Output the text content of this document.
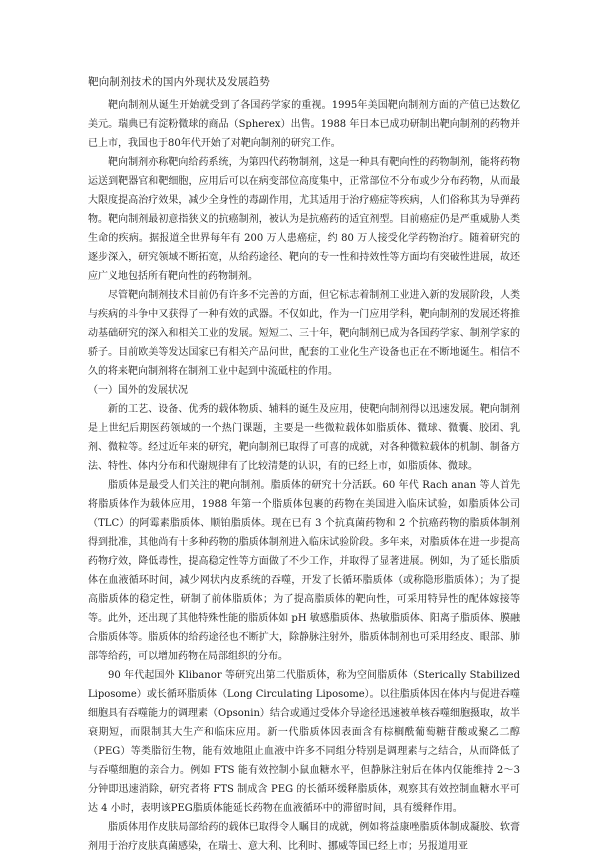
靶向制剂技术的国内外现状及发展趋势

靶向制剂从诞生开始就受到了各国药学家的重视。1995年美国靶向制剂方面的产值已达数亿美元。瑞典已有淀粉微球的商品（Spherex）出售。1988 年日本已成功研制出靶向制剂的药物并已上市，我国也于80年代开始了对靶向制剂的研究工作。

靶向制剂亦称靶向给药系统，为第四代药物制剂，这是一种具有靶向性的药物制剂，能将药物运送到靶器官和靶细胞，应用后可以在病变部位高度集中，正常部位不分布或少分布药物，从而最大限度提高治疗效果，减少全身性的毒副作用，尤其适用于治疗癌症等疾病，人们俗称其为导弹药物。靶向制剂最初意指狭义的抗癌制剂，被认为是抗癌药的适宜剂型。目前癌症仍是严重威胁人类生命的疾病。据报道全世界每年有 200 万人患癌症，约 80 万人接受化学药物治疗。随着研究的逐步深入，研究领域不断拓宽，从给药途径、靶向的专一性和持效性等方面均有突破性进展，故还应广义地包括所有靶向性的药物制剂。

尽管靶向制剂技术目前仍有许多不完善的方面，但它标志着制剂工业进入新的发展阶段，人类与疾病的斗争中又获得了一种有效的武器。不仅如此，作为一门应用学科，靶向制剂的发展还将推动基础研究的深入和相关工业的发展。短短二、三十年，靶向制剂已成为各国药学家、制剂学家的骄子。目前欧美等发达国家已有相关产品问世，配套的工业化生产设备也正在不断地诞生。相信不久的将来靶向制剂将在制剂工业中起到中流砥柱的作用。

（一）国外的发展状况

新的工艺、设备、优秀的载体物质、辅料的诞生及应用，使靶向制剂得以迅速发展。靶向制剂是上世纪后期医药领域的一个热门课题，主要是一些微粒载体如脂质体、微球、微囊、胶团、乳剂、微粒等。经过近年来的研究，靶向制剂已取得了可喜的成就，对各种微粒载体的机制、制备方法、特性、体内分布和代谢规律有了比较清楚的认识，有的已经上市，如脂质体、微球。

脂质体是最受人们关注的靶向制剂。脂质体的研究十分活跃。60 年代 Rach anan 等人首先将脂质体作为载体应用，1988 年第一个脂质体包裹的药物在美国进入临床试验，如脂质体公司（TLC）的阿霉素脂质体、顺铂脂质体。现在已有 3 个抗真菌药物和 2 个抗癌药物的脂质体制剂得到批准，其他尚有十多种药物的脂质体制剂进入临床试验阶段。多年来，对脂质体在进一步提高药物疗效，降低毒性，提高稳定性等方面做了不少工作，并取得了显著进展。例如，为了延长脂质体在血液循环时间，减少网状内皮系统的吞噬，开发了长循环脂质体（或称隐形脂质体）；为了提高脂质体的稳定性，研制了前体脂质体；为了提高脂质体的靶向性，可采用特异性的配体嫁接等等。此外，还出现了其他特殊性能的脂质体如 pH 敏感脂质体、热敏脂质体、阳离子脂质体、膜融合脂质体等。脂质体的给药途径也不断扩大，除静脉注射外，脂质体制剂也可采用经皮、眼部、肺部等给药，可以增加药物在局部组织的分布。

90 年代起国外 Klibanor 等研究出第二代脂质体，称为空间脂质体（Sterically Stabilized Liposome）或长循环脂质体（Long Circulating Liposome）。以往脂质体因在体内与促进吞噬细胞具有吞噬能力的调理素（Opsonin）结合或通过受体介导途径迅速被单核吞噬细胞摄取，故半衰期短，而限制其大生产和临床应用。新一代脂质体因表面含有棕榈酰葡萄糖苷酸或聚乙二醇（PEG）等类脂衍生物，能有效地阻止血液中许多不同组分特别是调理素与之结合，从而降低了与吞噬细胞的亲合力。例如 FTS 能有效控制小鼠血糖水平，但静脉注射后在体内仅能维持 2～3 分钟即迅速消除，研究者将 FTS 制成含 PEG 的长循环缓释脂质体，观察其有效控制血糖水平可达 4 小时，表明该PEG脂质体能延长药物在血液循环中的滞留时间，具有缓释作用。

脂质体用作皮肤局部给药的载体已取得令人瞩目的成就，例如将益康唑脂质体制成凝胶、软膏剂用于治疗皮肤真菌感染，在瑞士、意大利、比利时、挪威等国已经上市；另报道用亚
